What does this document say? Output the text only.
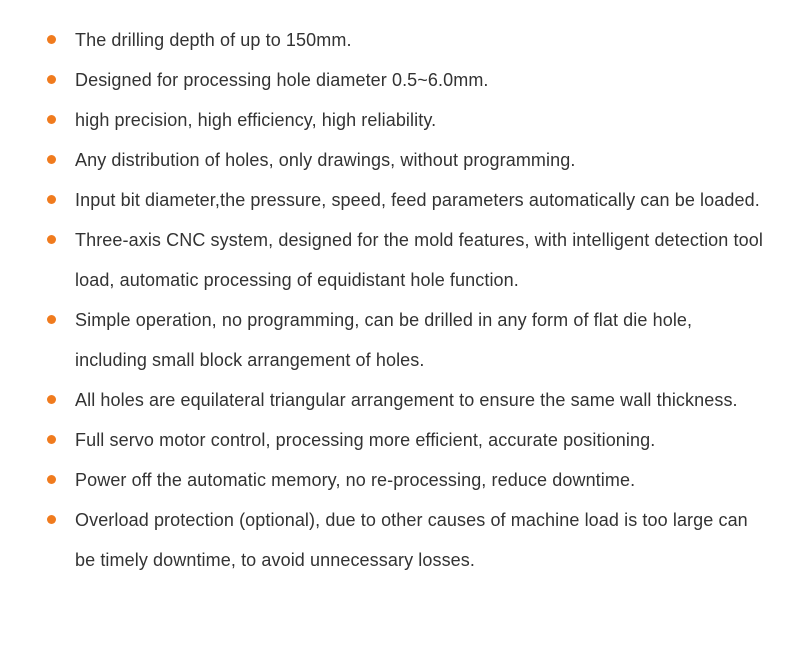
The drilling depth of up to 150mm.
Designed for processing hole diameter 0.5~6.0mm.
high precision, high efficiency, high reliability.
Any distribution of holes, only drawings, without programming.
Input bit diameter,the pressure, speed, feed parameters automatically can be loaded.
Three-axis CNC system, designed for the mold features, with intelligent detection tool load, automatic processing of equidistant hole function.
Simple operation, no programming, can be drilled in any form of flat die hole, including small block arrangement of holes.
All holes are equilateral triangular arrangement to ensure the same wall thickness.
Full servo motor control, processing more efficient, accurate positioning.
Power off the automatic memory, no re-processing, reduce downtime.
Overload protection (optional), due to other causes of machine load is too large can be timely downtime, to avoid unnecessary losses.
